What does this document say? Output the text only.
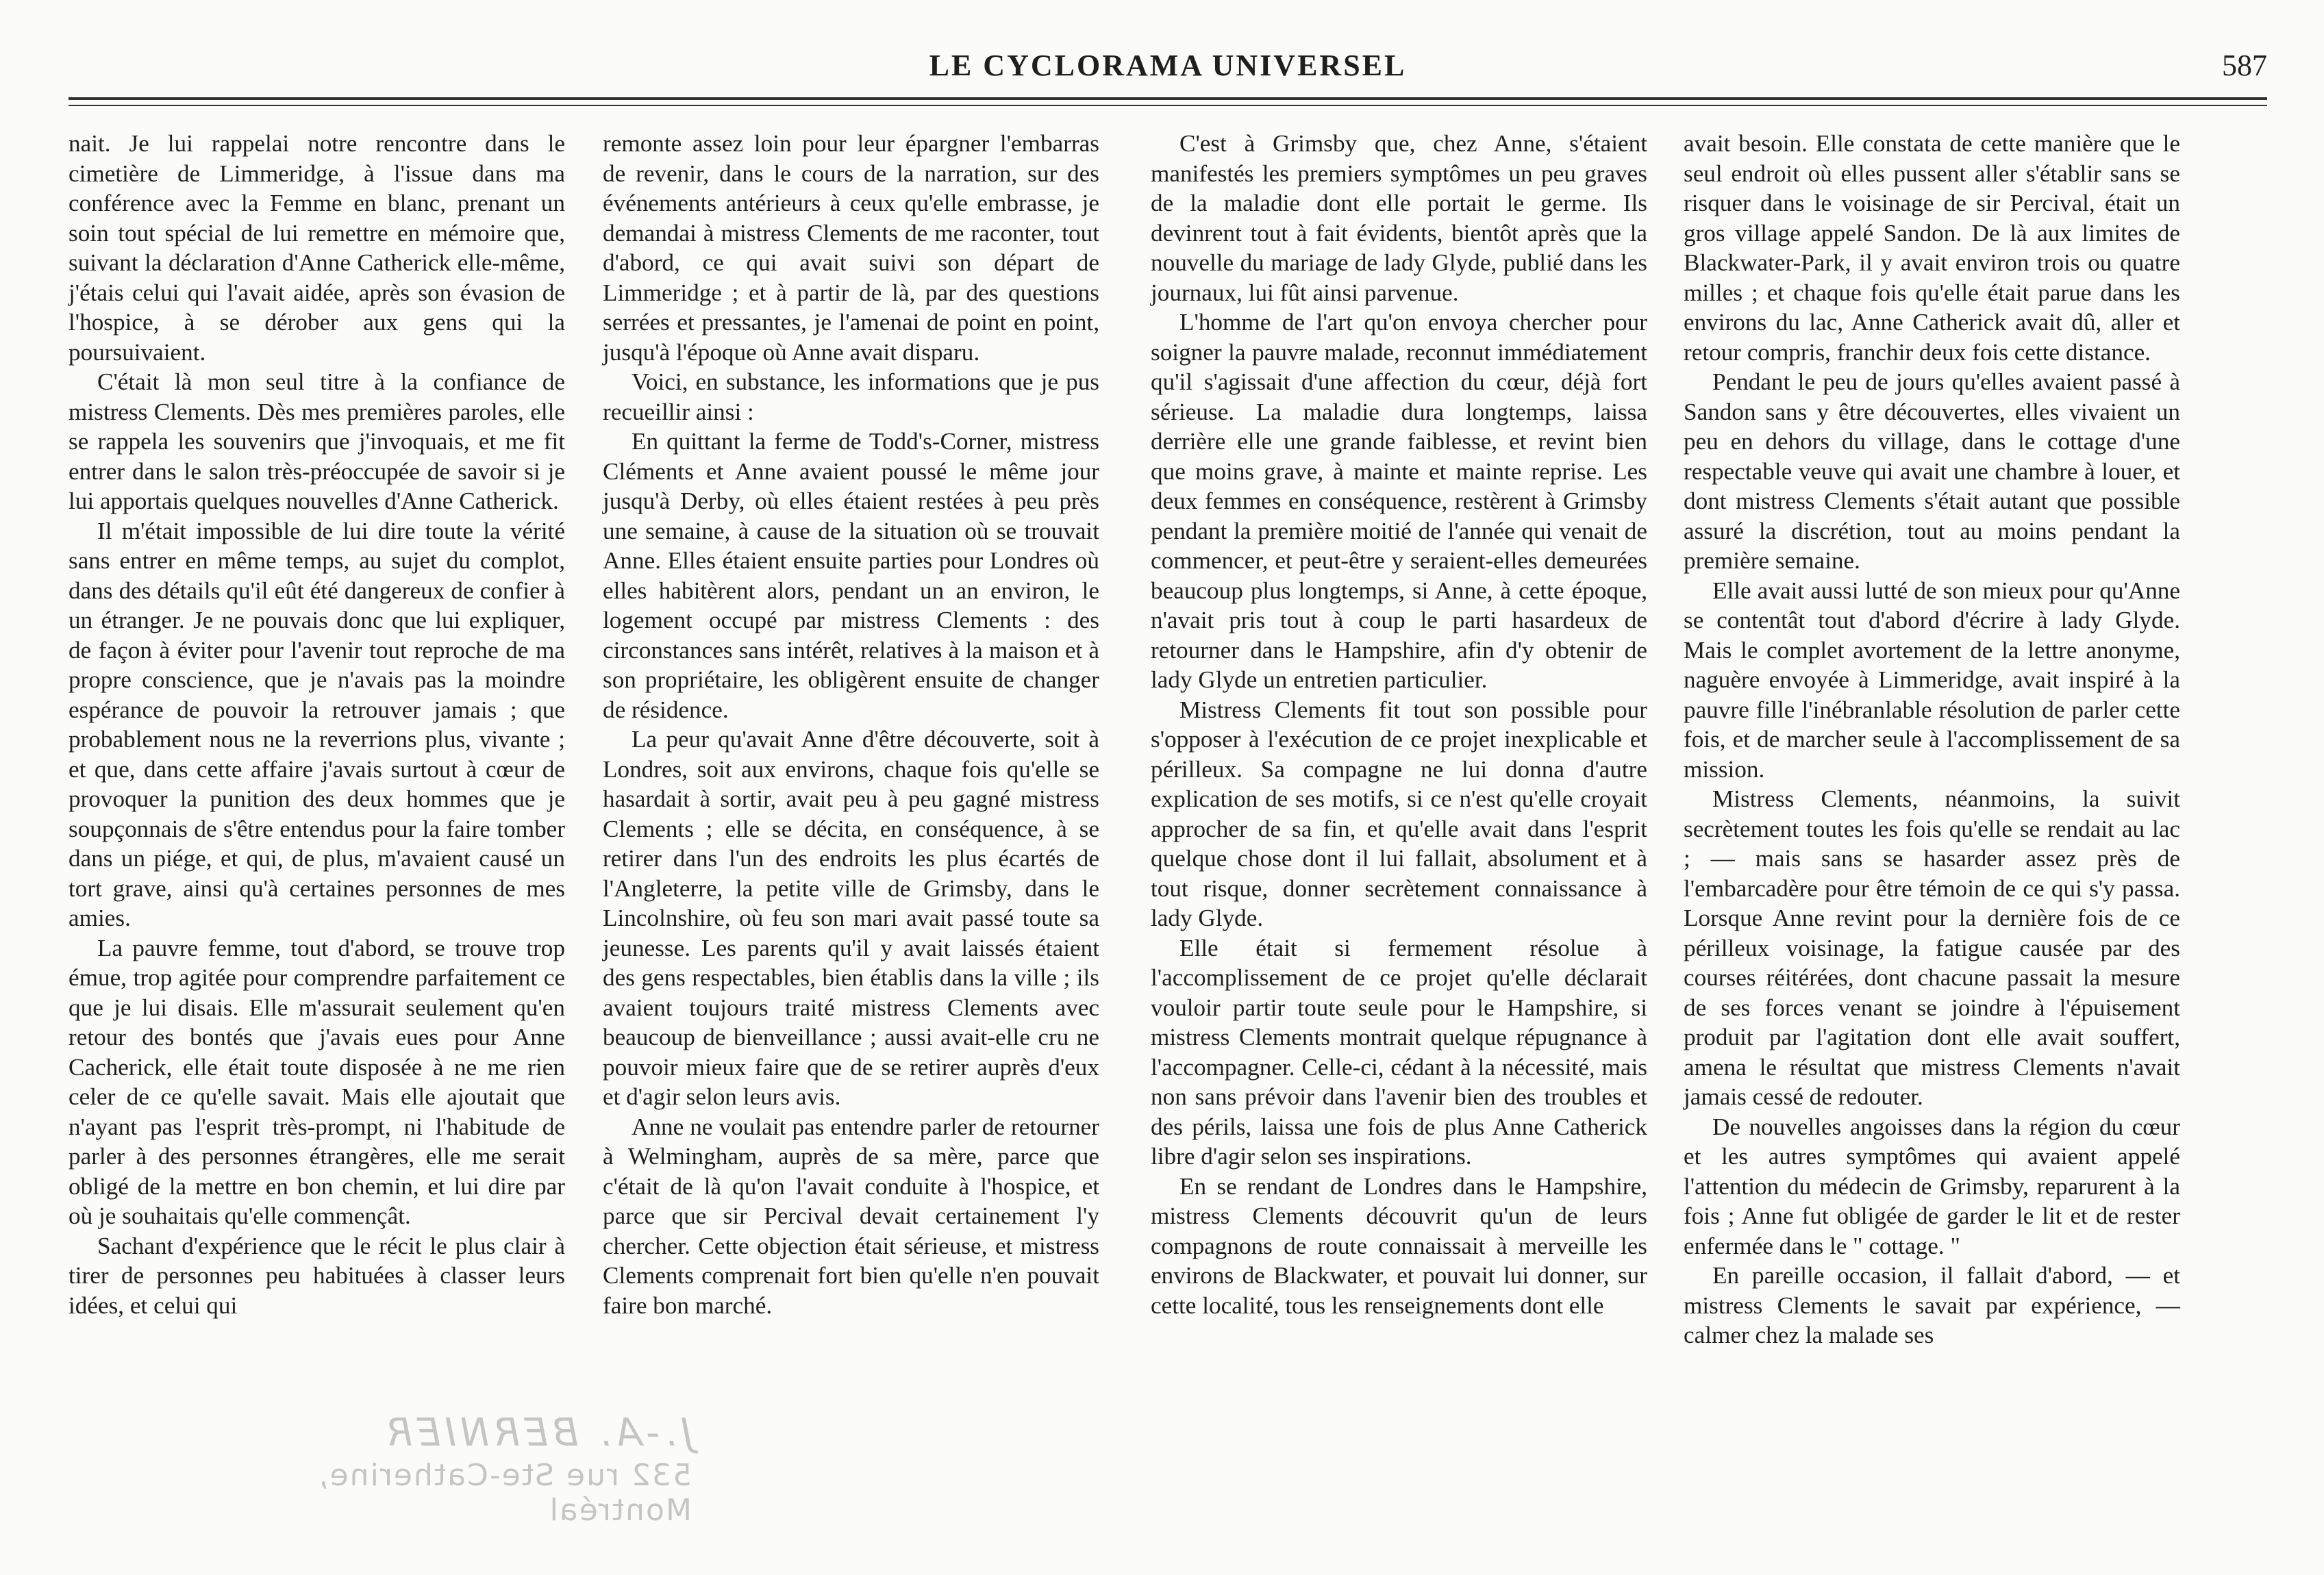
LE CYCLORAMA UNIVERSEL	587

nait. Je lui rappelai notre rencontre dans le cimetière de Limmeridge, à l'issue dans ma conférence avec la Femme en blanc, prenant un soin tout spécial de lui remettre en mémoire que, suivant la déclaration d'Anne Catherick elle-même, j'étais celui qui l'avait aidée, après son évasion de l'hospice, à se dérober aux gens qui la poursuivaient.

C'était là mon seul titre à la confiance de mistress Clements. Dès mes premières paroles, elle se rappela les souvenirs que j'invoquais, et me fit entrer dans le salon très-préoccupée de savoir si je lui apportais quelques nouvelles d'Anne Catherick.

Il m'était impossible de lui dire toute la vérité sans entrer en même temps, au sujet du complot, dans des détails qu'il eût été dangereux de confier à un étranger. Je ne pouvais donc que lui expliquer, de façon à éviter pour l'avenir tout reproche de ma propre conscience, que je n'avais pas la moindre espérance de pouvoir la retrouver jamais ; que probablement nous ne la reverrions plus, vivante ; et que, dans cette affaire j'avais surtout à cœur de provoquer la punition des deux hommes que je soupçonnais de s'être entendus pour la faire tomber dans un piége, et qui, de plus, m'avaient causé un tort grave, ainsi qu'à certaines personnes de mes amies.

La pauvre femme, tout d'abord, se trouve trop émue, trop agitée pour comprendre parfaitement ce que je lui disais. Elle m'assurait seulement qu'en retour des bontés que j'avais eues pour Anne Cacherick, elle était toute disposée à ne me rien celer de ce qu'elle savait. Mais elle ajoutait que n'ayant pas l'esprit très-prompt, ni l'habitude de parler à des personnes étrangères, elle me serait obligé de la mettre en bon chemin, et lui dire par où je souhaitais qu'elle commençât.

Sachant d'expérience que le récit le plus clair à tirer de personnes peu habituées à classer leurs idées, et celui qui

remonte assez loin pour leur épargner l'embarras de revenir, dans le cours de la narration, sur des événements antérieurs à ceux qu'elle embrasse, je demandai à mistress Clements de me raconter, tout d'abord, ce qui avait suivi son départ de Limmeridge ; et à partir de là, par des questions serrées et pressantes, je l'amenai de point en point, jusqu'à l'époque où Anne avait disparu.

Voici, en substance, les informations que je pus recueillir ainsi :

En quittant la ferme de Todd's-Corner, mistress Cléments et Anne avaient poussé le même jour jusqu'à Derby, où elles étaient restées à peu près une semaine, à cause de la situation où se trouvait Anne. Elles étaient ensuite parties pour Londres où elles habitèrent alors, pendant un an environ, le logement occupé par mistress Clements : des circonstances sans intérêt, relatives à la maison et à son propriétaire, les obligèrent ensuite de changer de résidence.

La peur qu'avait Anne d'être découverte, soit à Londres, soit aux environs, chaque fois qu'elle se hasardait à sortir, avait peu à peu gagné mistress Clements ; elle se décita, en conséquence, à se retirer dans l'un des endroits les plus écartés de l'Angleterre, la petite ville de Grimsby, dans le Lincolnshire, où feu son mari avait passé toute sa jeunesse. Les parents qu'il y avait laissés étaient des gens respectables, bien établis dans la ville ; ils avaient toujours traité mistress Clements avec beaucoup de bienveillance ; aussi avait-elle cru ne pouvoir mieux faire que de se retirer auprès d'eux et d'agir selon leurs avis.

Anne ne voulait pas entendre parler de retourner à Welmingham, auprès de sa mère, parce que c'était de là qu'on l'avait conduite à l'hospice, et parce que sir Percival devait certainement l'y chercher. Cette objection était sérieuse, et mistress Clements comprenait fort bien qu'elle n'en pouvait faire bon marché.

C'est à Grimsby que, chez Anne, s'étaient manifestés les premiers symptômes un peu graves de la maladie dont elle portait le germe. Ils devinrent tout à fait évidents, bientôt après que la nouvelle du mariage de lady Glyde, publié dans les journaux, lui fût ainsi parvenue.

L'homme de l'art qu'on envoya chercher pour soigner la pauvre malade, reconnut immédiatement qu'il s'agissait d'une affection du cœur, déjà fort sérieuse. La maladie dura longtemps, laissa derrière elle une grande faiblesse, et revint bien que moins grave, à mainte et mainte reprise. Les deux femmes en conséquence, restèrent à Grimsby pendant la première moitié de l'année qui venait de commencer, et peut-être y seraient-elles demeurées beaucoup plus longtemps, si Anne, à cette époque, n'avait pris tout à coup le parti hasardeux de retourner dans le Hampshire, afin d'y obtenir de lady Glyde un entretien particulier.

Mistress Clements fit tout son possible pour s'opposer à l'exécution de ce projet inexplicable et périlleux. Sa compagne ne lui donna d'autre explication de ses motifs, si ce n'est qu'elle croyait approcher de sa fin, et qu'elle avait dans l'esprit quelque chose dont il lui fallait, absolument et à tout risque, donner secrètement connaissance à lady Glyde.

Elle était si fermement résolue à l'accomplissement de ce projet qu'elle déclarait vouloir partir toute seule pour le Hampshire, si mistress Clements montrait quelque répugnance à l'accompagner. Celle-ci, cédant à la nécessité, mais non sans prévoir dans l'avenir bien des troubles et des périls, laissa une fois de plus Anne Catherick libre d'agir selon ses inspirations.

En se rendant de Londres dans le Hampshire, mistress Clements découvrit qu'un de leurs compagnons de route connaissait à merveille les environs de Blackwater, et pouvait lui donner, sur cette localité, tous les renseignements dont elle

avait besoin. Elle constata de cette manière que le seul endroit où elles pussent aller s'établir sans se risquer dans le voisinage de sir Percival, était un gros village appelé Sandon. De là aux limites de Blackwater-Park, il y avait environ trois ou quatre milles ; et chaque fois qu'elle était parue dans les environs du lac, Anne Catherick avait dû, aller et retour compris, franchir deux fois cette distance.

Pendant le peu de jours qu'elles avaient passé à Sandon sans y être découvertes, elles vivaient un peu en dehors du village, dans le cottage d'une respectable veuve qui avait une chambre à louer, et dont mistress Clements s'était autant que possible assuré la discrétion, tout au moins pendant la première semaine.

Elle avait aussi lutté de son mieux pour qu'Anne se contentât tout d'abord d'écrire à lady Glyde. Mais le complet avortement de la lettre anonyme, naguère envoyée à Limmeridge, avait inspiré à la pauvre fille l'inébranlable résolution de parler cette fois, et de marcher seule à l'accomplissement de sa mission.

Mistress Clements, néanmoins, la suivit secrètement toutes les fois qu'elle se rendait au lac ; — mais sans se hasarder assez près de l'embarcadère pour être témoin de ce qui s'y passa. Lorsque Anne revint pour la dernière fois de ce périlleux voisinage, la fatigue causée par des courses réitérées, dont chacune passait la mesure de ses forces venant se joindre à l'épuisement produit par l'agitation dont elle avait souffert, amena le résultat que mistress Clements n'avait jamais cessé de redouter.

De nouvelles angoisses dans la région du cœur et les autres symptômes qui avaient appelé l'attention du médecin de Grimsby, reparurent à la fois ; Anne fut obligée de garder le lit et de rester enfermée dans le " cottage. "

En pareille occasion, il fallait d'abord, — et mistress Clements le savait par expérience, — calmer chez la malade ses

J.-A. BERNIER
532 rue Ste-Catherine, Montréal
